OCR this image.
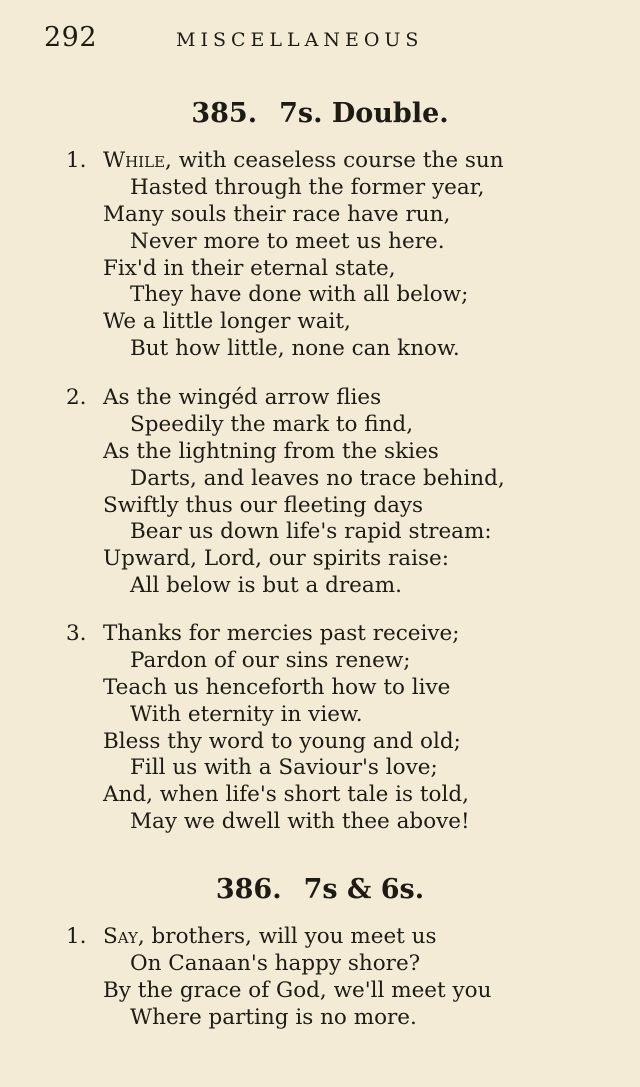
292	MISCELLANEOUS
385. 7s. Double.
1. While, with ceaseless course the sun
Hasted through the former year,
Many souls their race have run,
Never more to meet us here.
Fix'd in their eternal state,
They have done with all below;
We a little longer wait,
But how little, none can know.
2. As the wingéd arrow flies
Speedily the mark to find,
As the lightning from the skies
Darts, and leaves no trace behind,
Swiftly thus our fleeting days
Bear us down life's rapid stream:
Upward, Lord, our spirits raise:
All below is but a dream.
3. Thanks for mercies past receive;
Pardon of our sins renew;
Teach us henceforth how to live
With eternity in view.
Bless thy word to young and old;
Fill us with a Saviour's love;
And, when life's short tale is told,
May we dwell with thee above!
386. 7s & 6s.
1. Say, brothers, will you meet us
On Canaan's happy shore?
By the grace of God, we'll meet you
Where parting is no more.
